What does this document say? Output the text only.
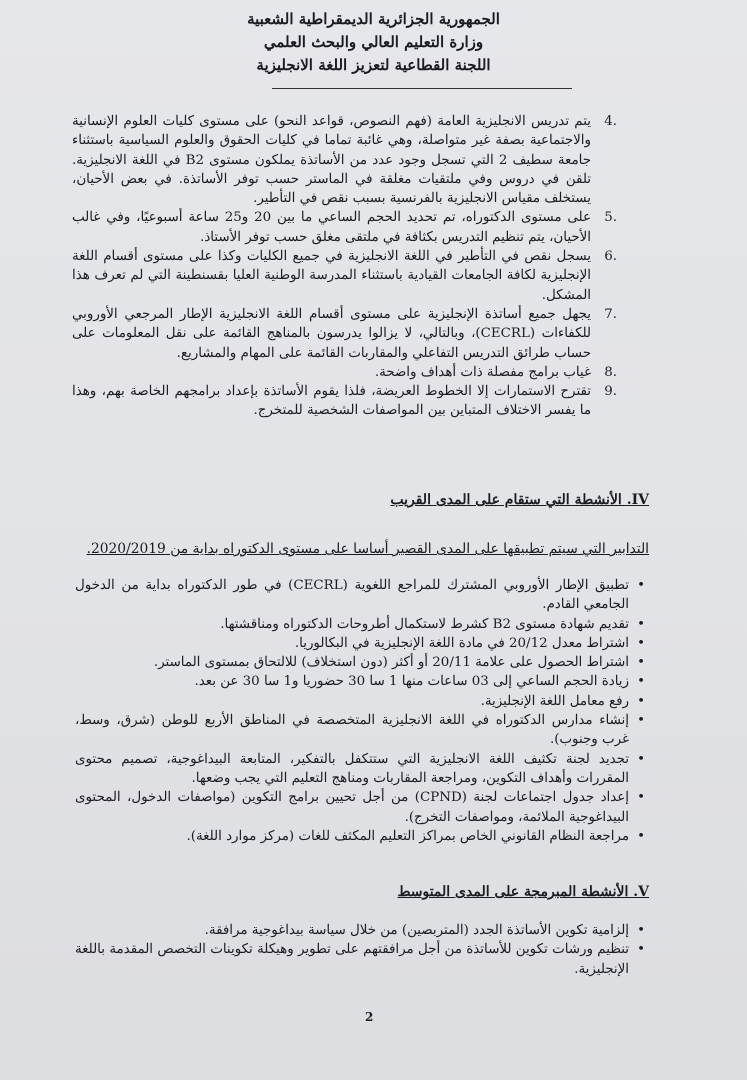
الجمهورية الجزائرية الديمقراطية الشعبية
وزارة التعليم العالي والبحث العلمي
اللجنة القطاعية لتعزيز اللغة الانجليزية
4.
يتم تدريس الانجليزية العامة (فهم النصوص، قواعد النحو) على مستوى كليات العلوم الإنسانية والاجتماعية بصفة غير متواصلة، وهي غائبة تماما في كليات الحقوق والعلوم السياسية باستثناء جامعة سطيف 2 التي تسجل وجود عدد من الأساتذة يملكون مستوى B2 في اللغة الانجليزية. تلقن في دروس وفي ملتقيات مغلقة في الماستر حسب توفر الأساتذة. في بعض الأحيان، يستخلف مقياس الانجليزية بالفرنسية بسبب نقص في التأطير.
5.
على مستوى الدكتوراه، تم تحديد الحجم الساعي ما بين 20 و25 ساعة أسبوعيًا، وفي غالب الأحيان، يتم تنظيم التدريس بكثافة في ملتقى مغلق حسب توفر الأستاذ.
6.
يسجل نقص في التأطير في اللغة الانجليزية في جميع الكليات وكذا على مستوى أقسام اللغة الإنجليزية لكافة الجامعات القيادية باستثناء المدرسة الوطنية العليا بقسنطينة التي لم تعرف هذا المشكل.
7.
يجهل جميع أساتذة الإنجليزية على مستوى أقسام اللغة الانجليزية الإطار المرجعي الأوروبي للكفاءات (CECRL)، وبالتالي، لا يزالوا يدرسون بالمناهج القائمة على نقل المعلومات على حساب طرائق التدريس التفاعلي والمقاربات القائمة على المهام والمشاريع.
8.
غياب برامج مفصلة ذات أهداف واضحة.
9.
تقترح الاستمارات إلا الخطوط العريضة، فلذا يقوم الأساتذة بإعداد برامجهم الخاصة بهم، وهذا ما يفسر الاختلاف المتباين بين المواصفات الشخصية للمتخرج.
IV. الأنشطة التي ستقام على المدى القريب
التدابير التي سيتم تطبيقها على المدى القصير أساسا على مستوى الدكتوراه بداية من 2020/2019.
•
تطبيق الإطار الأوروبي المشترك للمراجع اللغوية (CECRL) في طور الدكتوراه بداية من الدخول الجامعي القادم.
•
تقديم شهادة مستوى B2 كشرط لاستكمال أطروحات الدكتوراه ومناقشتها.
•
اشتراط معدل 20/12 في مادة اللغة الإنجليزية في البكالوريا.
•
اشتراط الحصول على علامة 20/11 أو أكثر (دون استخلاف) للالتحاق بمستوى الماستر.
•
زيادة الحجم الساعي إلى 03 ساعات منها 1 سا 30 حضوريا و1 سا 30 عن بعد.
•
رفع معامل اللغة الإنجليزية.
•
إنشاء مدارس الدكتوراه في اللغة الانجليزية المتخصصة في المناطق الأربع للوطن (شرق، وسط، غرب وجنوب).
•
تجديد لجنة تكثيف اللغة الانجليزية التي ستتكفل بالتفكير، المتابعة البيداغوجية، تصميم محتوى المقررات وأهداف التكوين، ومراجعة المقاربات ومناهج التعليم التي يجب وضعها.
•
إعداد جدول اجتماعات لجنة (CPND) من أجل تحيين برامج التكوين (مواصفات الدخول، المحتوى البيداغوجية الملائمة، ومواصفات التخرج).
•
مراجعة النظام القانوني الخاص بمراكز التعليم المكثف للغات (مركز موارد اللغة).
V. الأنشطة المبرمجة على المدى المتوسط
•
إلزامية تكوين الأساتذة الجدد (المتربصين) من خلال سياسة بيداغوجية مرافقة.
•
تنظيم ورشات تكوين للأساتذة من أجل مرافقتهم على تطوير وهيكلة تكوينات التخصص المقدمة باللغة الإنجليزية.
2
